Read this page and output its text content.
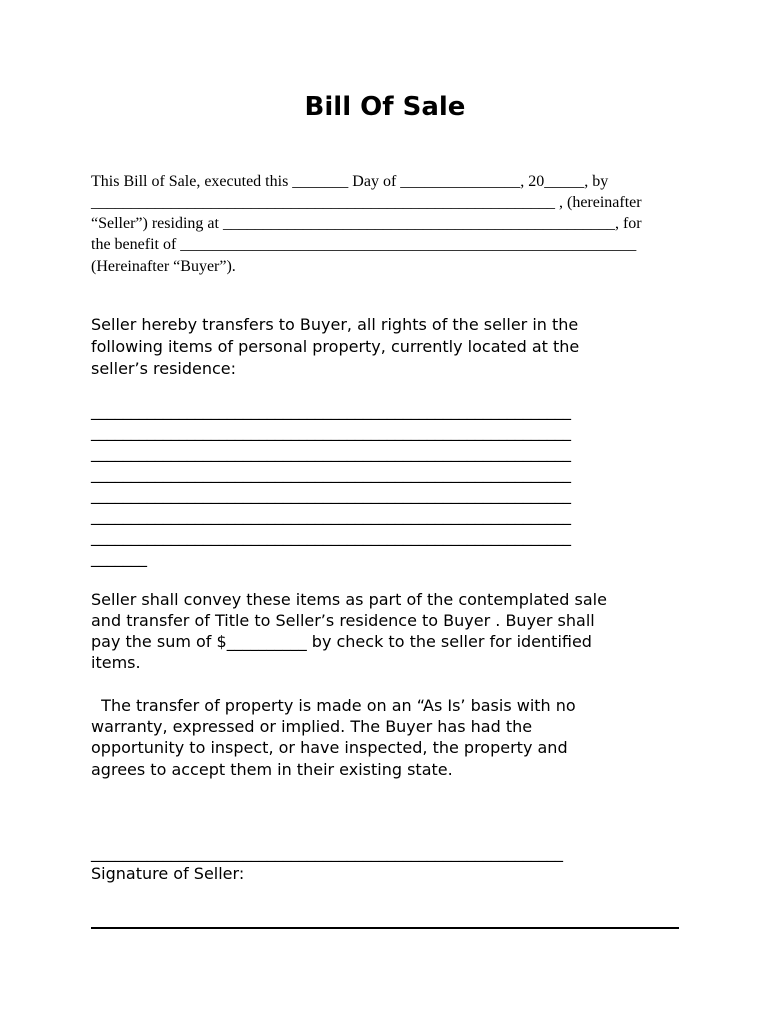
Bill Of Sale

This Bill of Sale, executed this _______ Day of _______________, 20_____, by

__________________________________________________________ , (hereinafter

“Seller”) residing at _________________________________________________, for

the benefit of _________________________________________________________

(Hereinafter “Buyer”).

Seller hereby transfers to Buyer, all rights of the seller in the

following items of personal property, currently located at the

seller’s residence:

____________________________________________________________

____________________________________________________________

____________________________________________________________

____________________________________________________________

____________________________________________________________

____________________________________________________________

____________________________________________________________

_______

Seller shall convey these items as part of the contemplated sale

and transfer of Title to Seller’s residence to Buyer . Buyer shall

pay the sum of $__________ by check to the seller for identified

items.

The transfer of property is made on an “As Is’ basis with no

warranty, expressed or implied. The Buyer has had the

opportunity to inspect, or have inspected, the property and

agrees to accept them in their existing state.

___________________________________________________________

Signature of Seller:
